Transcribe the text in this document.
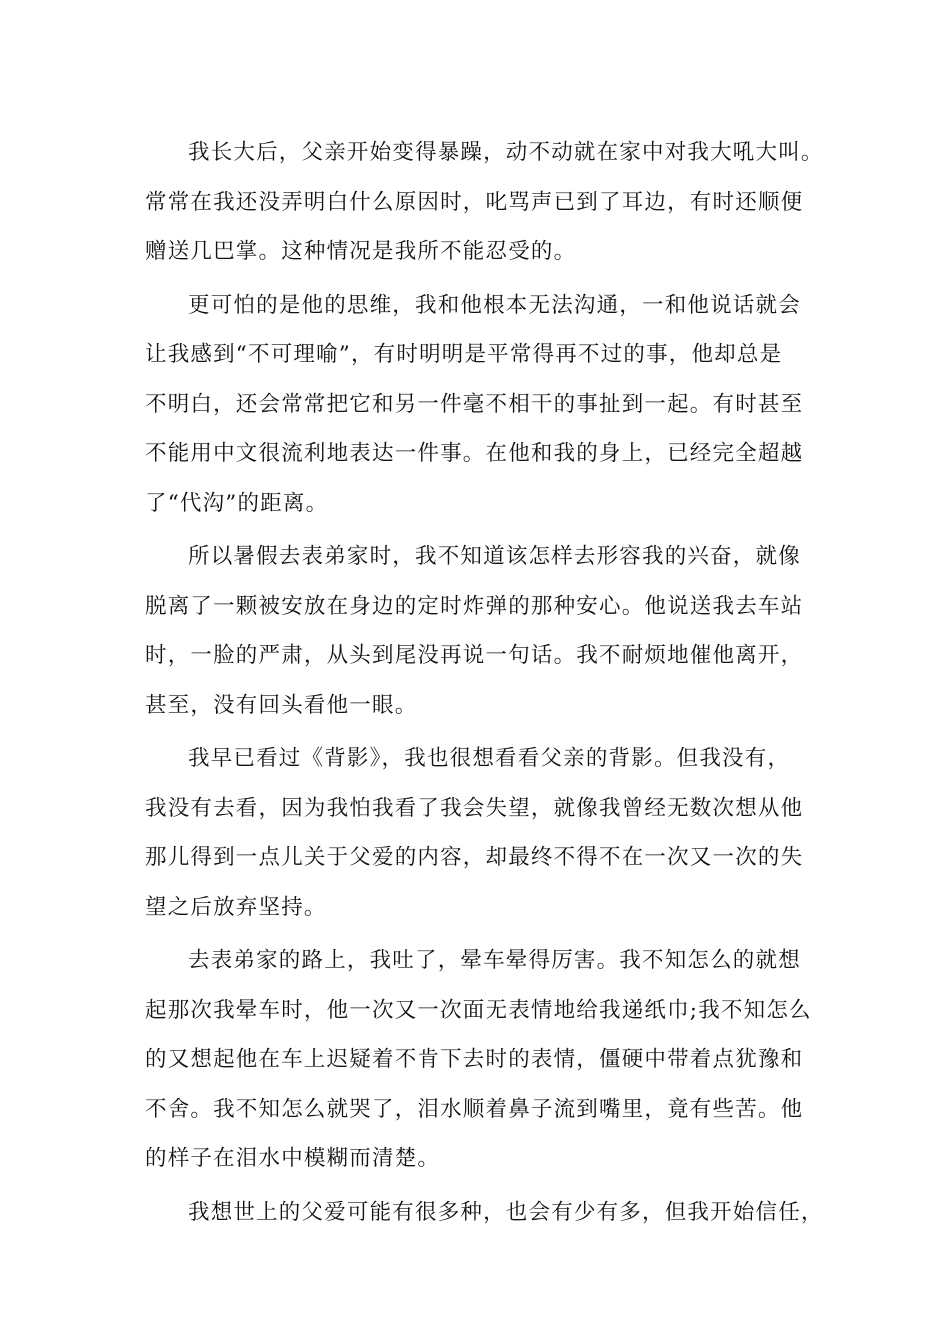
我长大后，父亲开始变得暴躁，动不动就在家中对我大吼大叫。
常常在我还没弄明白什么原因时，叱骂声已到了耳边，有时还顺便
赠送几巴掌。这种情况是我所不能忍受的。

更可怕的是他的思维，我和他根本无法沟通，一和他说话就会
让我感到“不可理喻”，有时明明是平常得再不过的事，他却总是
不明白，还会常常把它和另一件毫不相干的事扯到一起。有时甚至
不能用中文很流利地表达一件事。在他和我的身上，已经完全超越
了“代沟”的距离。

所以暑假去表弟家时，我不知道该怎样去形容我的兴奋，就像
脱离了一颗被安放在身边的定时炸弹的那种安心。他说送我去车站
时，一脸的严肃，从头到尾没再说一句话。我不耐烦地催他离开，
甚至，没有回头看他一眼。

我早已看过《背影》，我也很想看看父亲的背影。但我没有，
我没有去看，因为我怕我看了我会失望，就像我曾经无数次想从他
那儿得到一点儿关于父爱的内容，却最终不得不在一次又一次的失
望之后放弃坚持。

去表弟家的路上，我吐了，晕车晕得厉害。我不知怎么的就想
起那次我晕车时，他一次又一次面无表情地给我递纸巾;我不知怎么
的又想起他在车上迟疑着不肯下去时的表情，僵硬中带着点犹豫和
不舍。我不知怎么就哭了，泪水顺着鼻子流到嘴里，竟有些苦。他
的样子在泪水中模糊而清楚。

我想世上的父爱可能有很多种，也会有少有多，但我开始信任，
